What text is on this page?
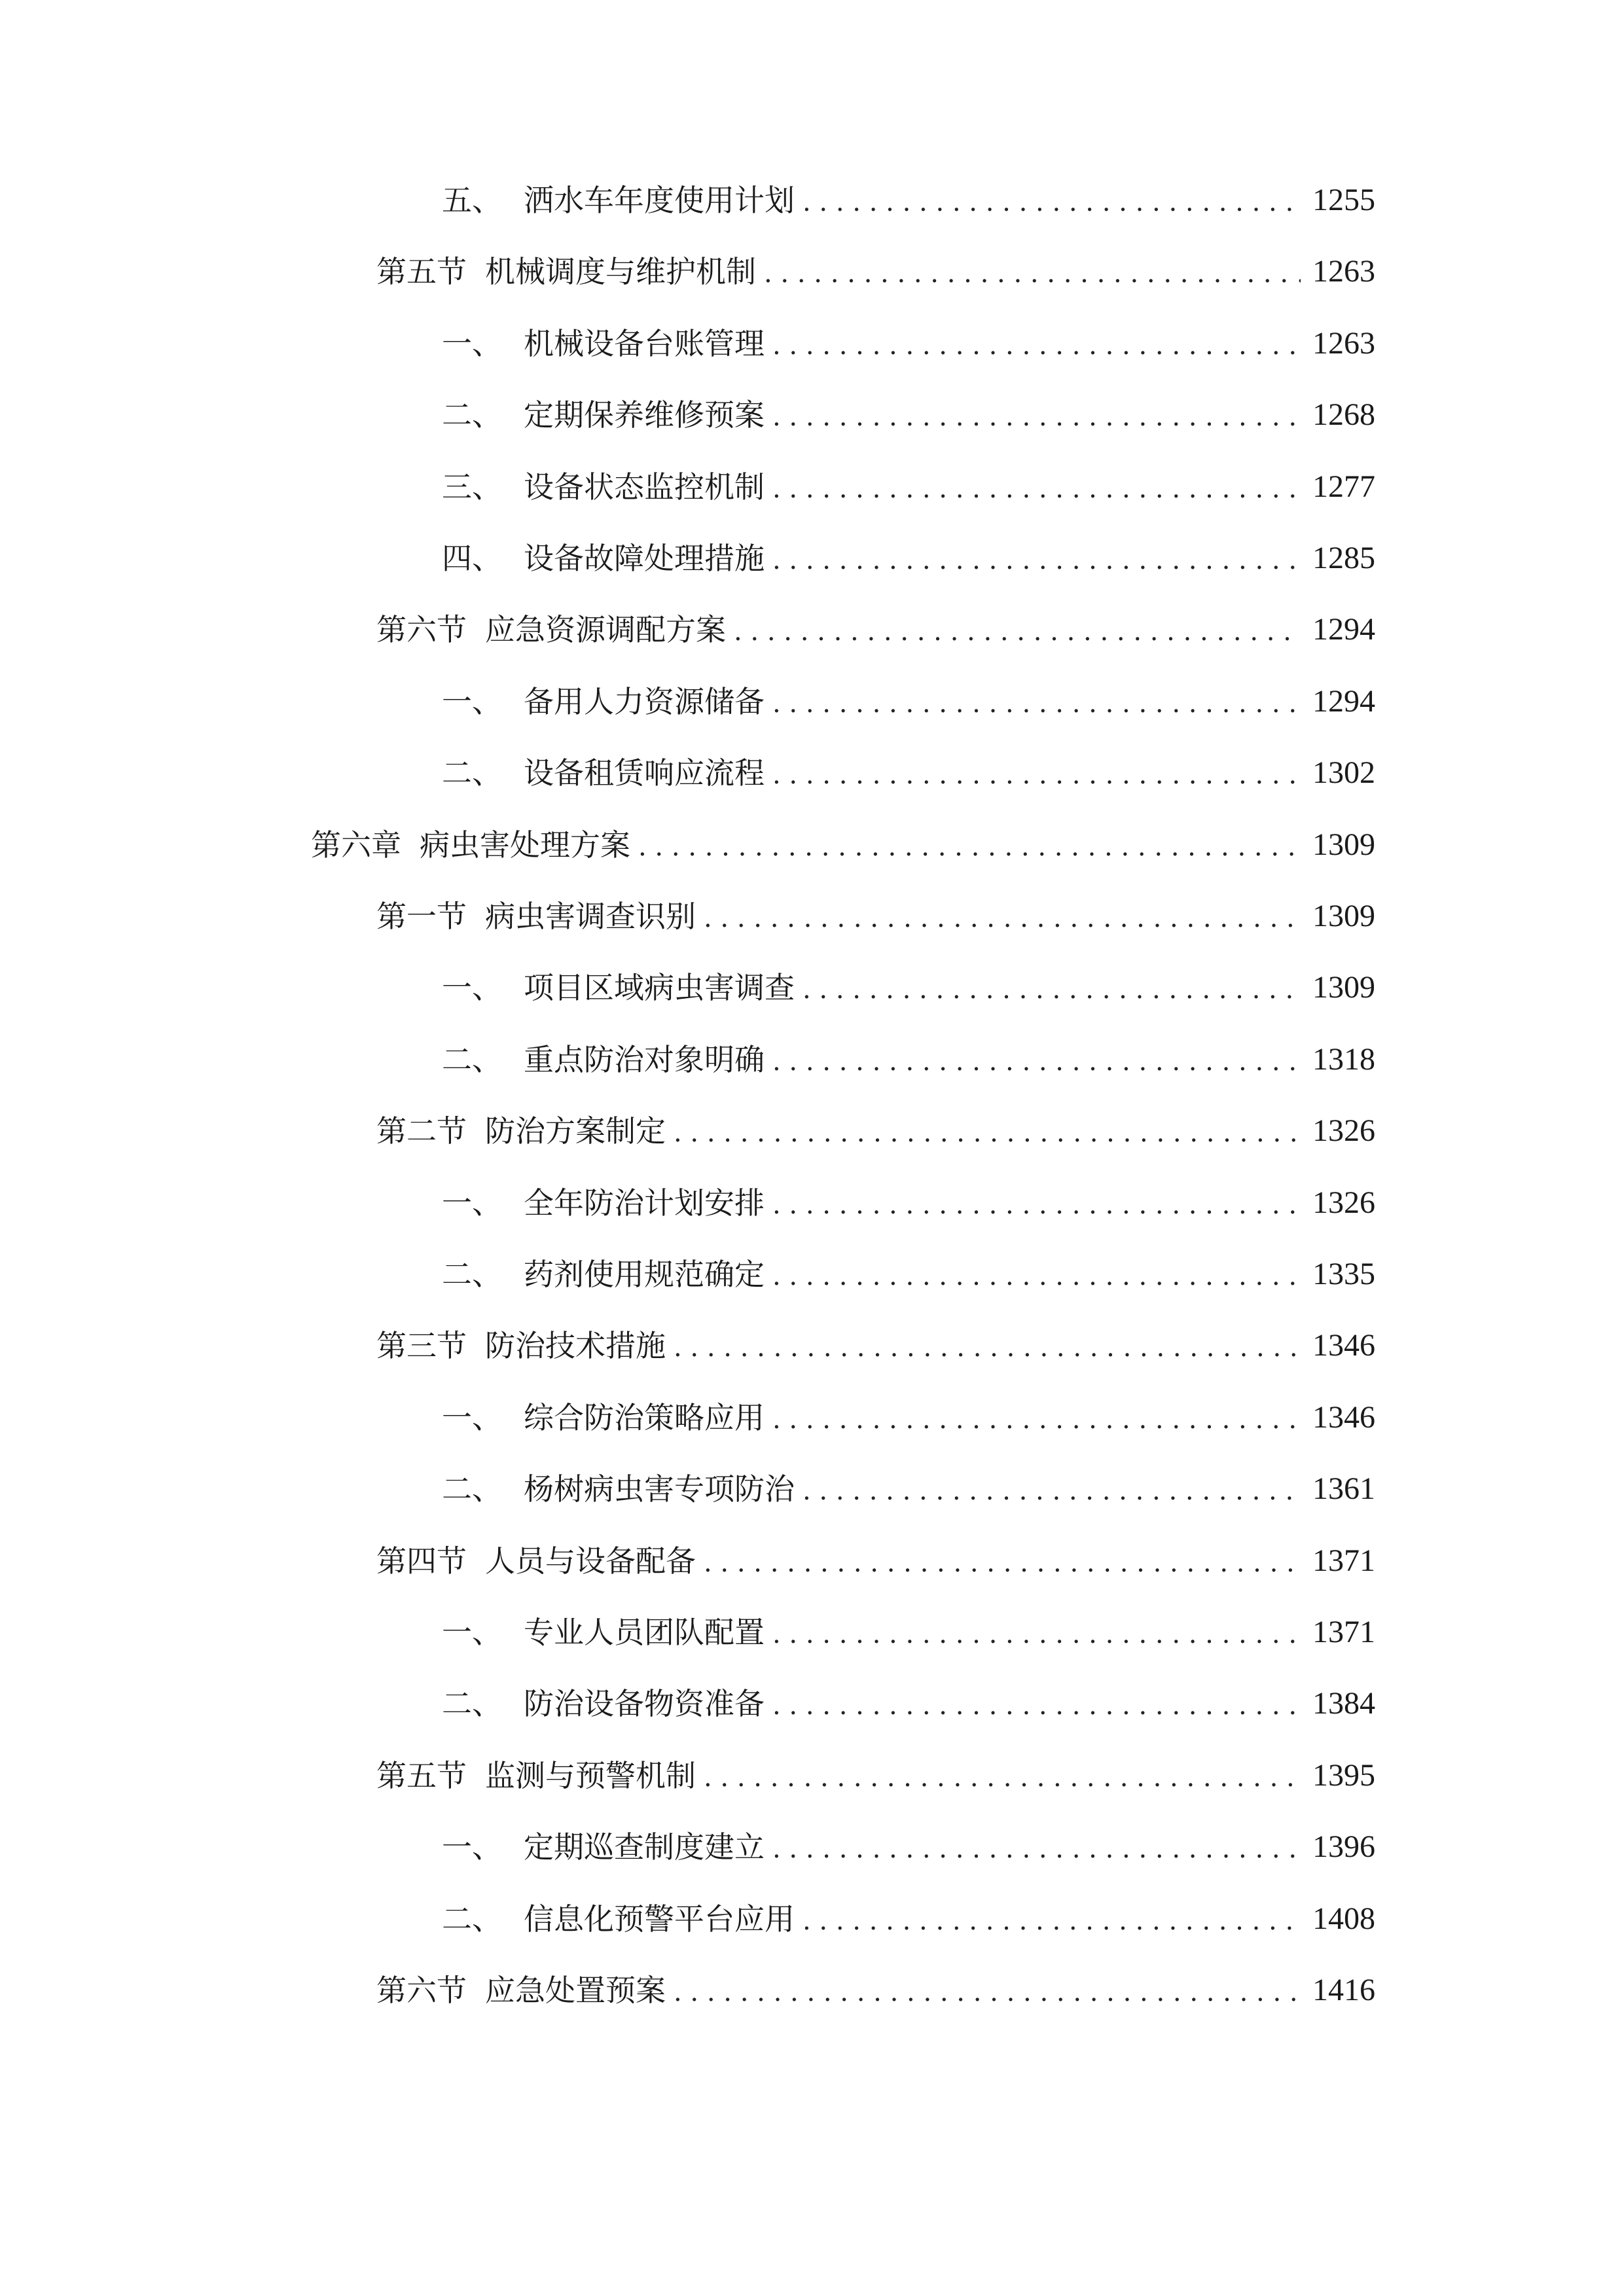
五、 洒水车年度使用计划 . . .	1255
第五节 机械调度与维护机制 . . .	1263
一、 机械设备台账管理 . . .	1263
二、 定期保养维修预案 . . .	1268
三、 设备状态监控机制 . . .	1277
四、 设备故障处理措施 . . .	1285
第六节 应急资源调配方案 . . .	1294
一、 备用人力资源储备 . . .	1294
二、 设备租赁响应流程 . . .	1302
第六章 病虫害处理方案 . . .	1309
第一节 病虫害调查识别 . . .	1309
一、 项目区域病虫害调查 . . .	1309
二、 重点防治对象明确 . . .	1318
第二节 防治方案制定 . . .	1326
一、 全年防治计划安排 . . .	1326
二、 药剂使用规范确定 . . .	1335
第三节 防治技术措施 . . .	1346
一、 综合防治策略应用 . . .	1346
二、 杨树病虫害专项防治 . . .	1361
第四节 人员与设备配备 . . .	1371
一、 专业人员团队配置 . . .	1371
二、 防治设备物资准备 . . .	1384
第五节 监测与预警机制 . . .	1395
一、 定期巡查制度建立 . . .	1396
二、 信息化预警平台应用 . . .	1408
第六节 应急处置预案 . . .	1416
